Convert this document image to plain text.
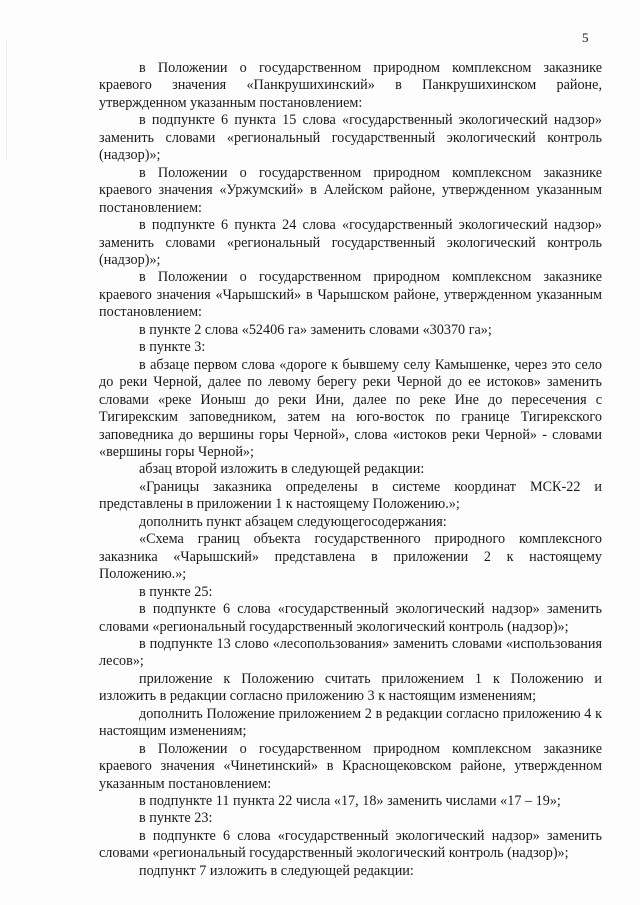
5

в Положении о государственном природном комплексном заказнике краевого значения «Панкрушихинский» в Панкрушихинском районе, утвержденном указанным постановлением:

в подпункте 6 пункта 15 слова «государственный экологический надзор» заменить словами «региональный государственный экологический контроль (надзор)»;

в Положении о государственном природном комплексном заказнике краевого значения «Уржумский» в Алейском районе, утвержденном указанным постановлением:

в подпункте 6 пункта 24 слова «государственный экологический надзор» заменить словами «региональный государственный экологический контроль (надзор)»;

в Положении о государственном природном комплексном заказнике краевого значения «Чарышский» в Чарышском районе, утвержденном указанным постановлением:

в пункте 2 слова «52406 га» заменить словами «30370 га»;

в пункте 3:

в абзаце первом слова «дороге к бывшему селу Камышенке, через это село до реки Черной, далее по левому берегу реки Черной до ее истоков» заменить словами «реке Ионыш до реки Ини, далее по реке Ине до пересечения с Тигирекским заповедником, затем на юго-восток по границе Тигирекского заповедника до вершины горы Черной», слова «истоков реки Черной» - словами «вершины горы Черной»;

абзац второй изложить в следующей редакции:

«Границы заказника определены в системе координат МСК-22 и представлены в приложении 1 к настоящему Положению.»;

дополнить пункт абзацем следующегосодержания:

«Схема границ объекта государственного природного комплексного заказника «Чарышский» представлена в приложении 2 к настоящему Положению.»;

в пункте 25:

в подпункте 6 слова «государственный экологический надзор» заменить словами «региональный государственный экологический контроль (надзор)»;

в подпункте 13 слово «лесопользования» заменить словами «использования лесов»;

приложение к Положению считать приложением 1 к Положению и изложить в редакции согласно приложению 3 к настоящим изменениям;

дополнить Положение приложением 2 в редакции согласно приложению 4 к настоящим изменениям;

в Положении о государственном природном комплексном заказнике краевого значения «Чинетинский» в Краснощековском районе, утвержденном указанным постановлением:

в подпункте 11 пункта 22 числа «17, 18» заменить числами «17 – 19»;

в пункте 23:

в подпункте 6 слова «государственный экологический надзор» заменить словами «региональный государственный экологический контроль (надзор)»;

подпункт 7 изложить в следующей редакции:
